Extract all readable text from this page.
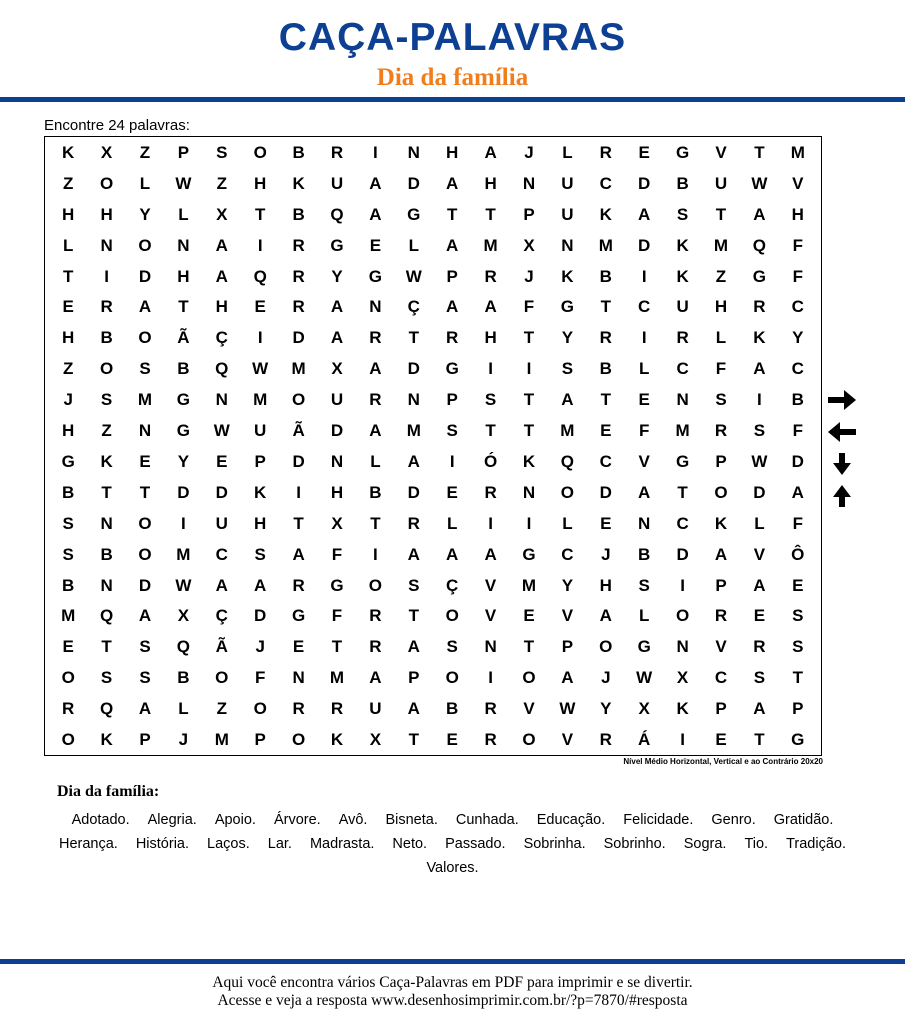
CAÇA-PALAVRAS
Dia da família
Encontre 24 palavras:
K	X	Z	P	S	O	B	R	I	N	H	A	J	L	R	E	G	V	T	M
Z	O	L	W	Z	H	K	U	A	D	A	H	N	U	C	D	B	U	W	V
H	H	Y	L	X	T	B	Q	A	G	T	T	P	U	K	A	S	T	A	H
L	N	O	N	A	I	R	G	E	L	A	M	X	N	M	D	K	M	Q	F
T	I	D	H	A	Q	R	Y	G	W	P	R	J	K	B	I	K	Z	G	F
E	R	A	T	H	E	R	A	N	Ç	A	A	F	G	T	C	U	H	R	C
H	B	O	Ã	Ç	I	D	A	R	T	R	H	T	Y	R	I	R	L	K	Y
Z	O	S	B	Q	W	M	X	A	D	G	I	I	S	B	L	C	F	A	C
J	S	M	G	N	M	O	U	R	N	P	S	T	A	T	E	N	S	I	B
H	Z	N	G	W	U	Ã	D	A	M	S	T	T	M	E	F	M	R	S	F
G	K	E	Y	E	P	D	N	L	A	I	Ó	K	Q	C	V	G	P	W	D
B	T	T	D	D	K	I	H	B	D	E	R	N	O	D	A	T	O	D	A
S	N	O	I	U	H	T	X	T	R	L	I	I	L	E	N	C	K	L	F
S	B	O	M	C	S	A	F	I	A	A	A	G	C	J	B	D	A	V	Ô
B	N	D	W	A	A	R	G	O	S	Ç	V	M	Y	H	S	I	P	A	E
M	Q	A	X	Ç	D	G	F	R	T	O	V	E	V	A	L	O	R	E	S
E	T	S	Q	Ã	J	E	T	R	A	S	N	T	P	O	G	N	V	R	S
O	S	S	B	O	F	N	M	A	P	O	I	O	A	J	W	X	C	S	T
R	Q	A	L	Z	O	R	R	U	A	B	R	V	W	Y	X	K	P	A	P
O	K	P	J	M	P	O	K	X	T	E	R	O	V	R	Á	I	E	T	G
Nível Médio Horizontal, Vertical e ao Contrário 20x20
Dia da família:
Adotado. Alegria. Apoio. Árvore. Avô. Bisneta. Cunhada. Educação. Felicidade. Genro. Gratidão.Herança. História. Laços. Lar. Madrasta. Neto. Passado. Sobrinha. Sobrinho. Sogra. Tio. Tradição.Valores.
Aqui você encontra vários Caça-Palavras em PDF para imprimir e se divertir.
Acesse e veja a resposta www.desenhosimprimir.com.br/?p=7870/#resposta
